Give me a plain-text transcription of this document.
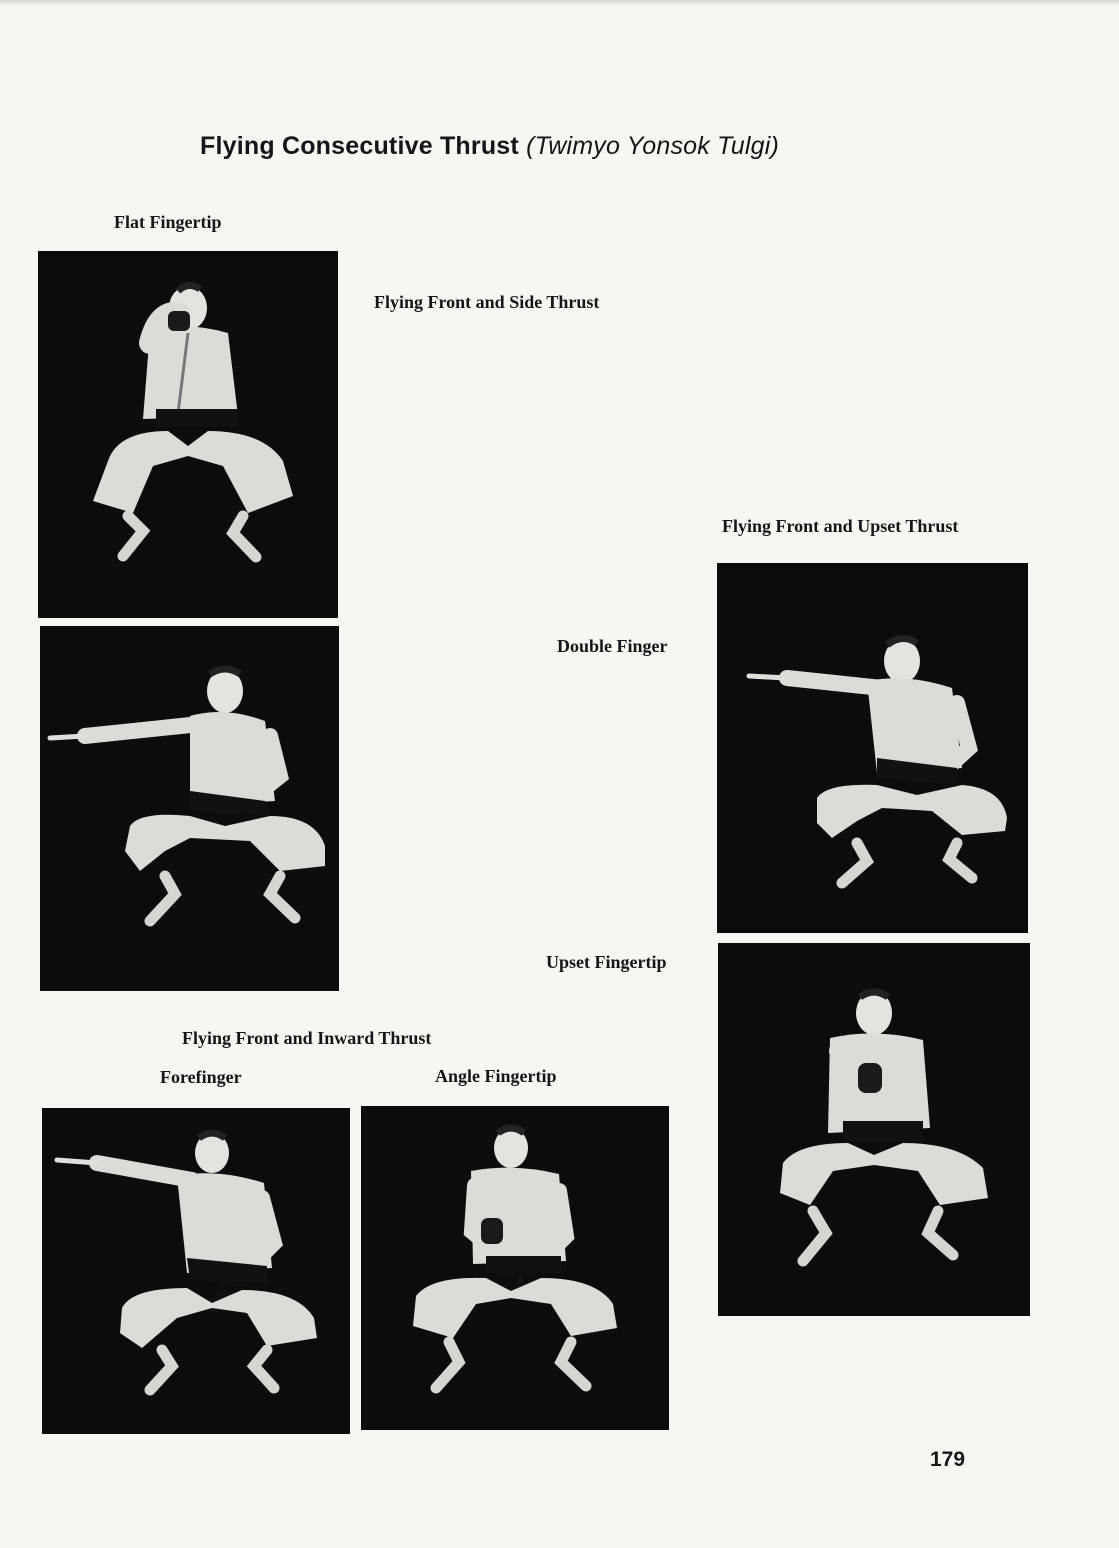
Flying Consecutive Thrust (Twimyo Yonsok Tulgi)
Flat Fingertip
Flying Front and Side Thrust
Flying Front and Upset Thrust
Double Finger
Upset Fingertip
Flying Front and Inward Thrust
Forefinger	Angle Fingertip
179
